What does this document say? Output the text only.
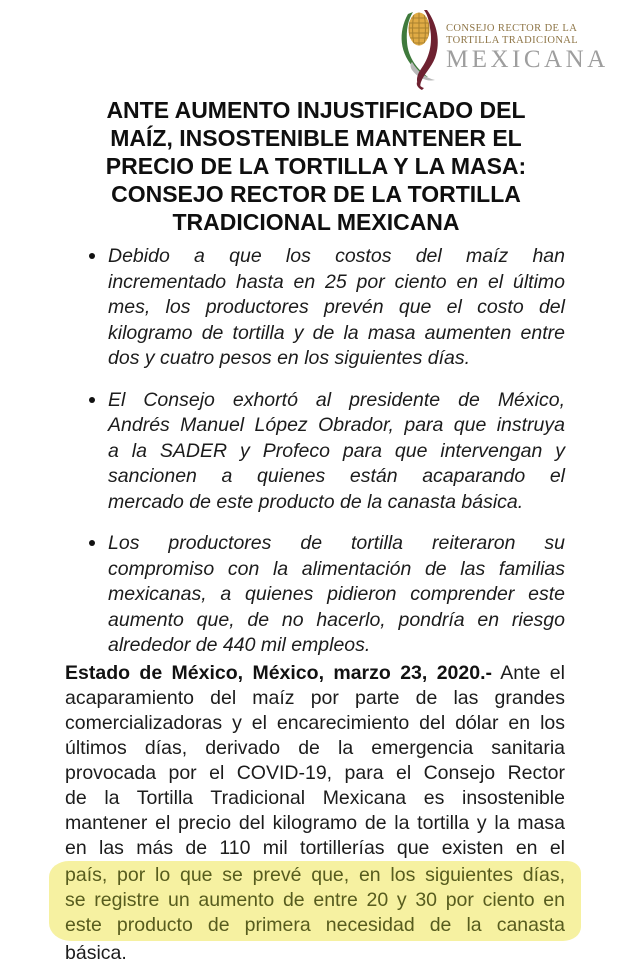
CONSEJO RECTOR DE LA
TORTILLA TRADICIONAL
MEXICANA
ANTE AUMENTO INJUSTIFICADO DEL
MAÍZ, INSOSTENIBLE MANTENER EL
PRECIO DE LA TORTILLA Y LA MASA:
CONSEJO RECTOR DE LA TORTILLA
TRADICIONAL MEXICANA
Debido a que los costos del maíz han
incrementado hasta en 25 por ciento en el último
mes, los productores prevén que el costo del
kilogramo de tortilla y de la masa aumenten entre
dos y cuatro pesos en los siguientes días.
El Consejo exhortó al presidente de México,
Andrés Manuel López Obrador, para que instruya
a la SADER y Profeco para que intervengan y
sancionen a quienes están acaparando el
mercado de este producto de la canasta básica.
Los productores de tortilla reiteraron su
compromiso con la alimentación de las familias
mexicanas, a quienes pidieron comprender este
aumento que, de no hacerlo, pondría en riesgo
alrededor de 440 mil empleos.
Estado de México, México, marzo 23, 2020.- Ante el
acaparamiento del maíz por parte de las grandes
comercializadoras y el encarecimiento del dólar en los
últimos días, derivado de la emergencia sanitaria
provocada por el COVID-19, para el Consejo Rector
de la Tortilla Tradicional Mexicana es insostenible
mantener el precio del kilogramo de la tortilla y la masa
en las más de 110 mil tortillerías que existen en el
país, por lo que se prevé que, en los siguientes días,
se registre un aumento de entre 20 y 30 por ciento en
este producto de primera necesidad de la canasta
básica.
